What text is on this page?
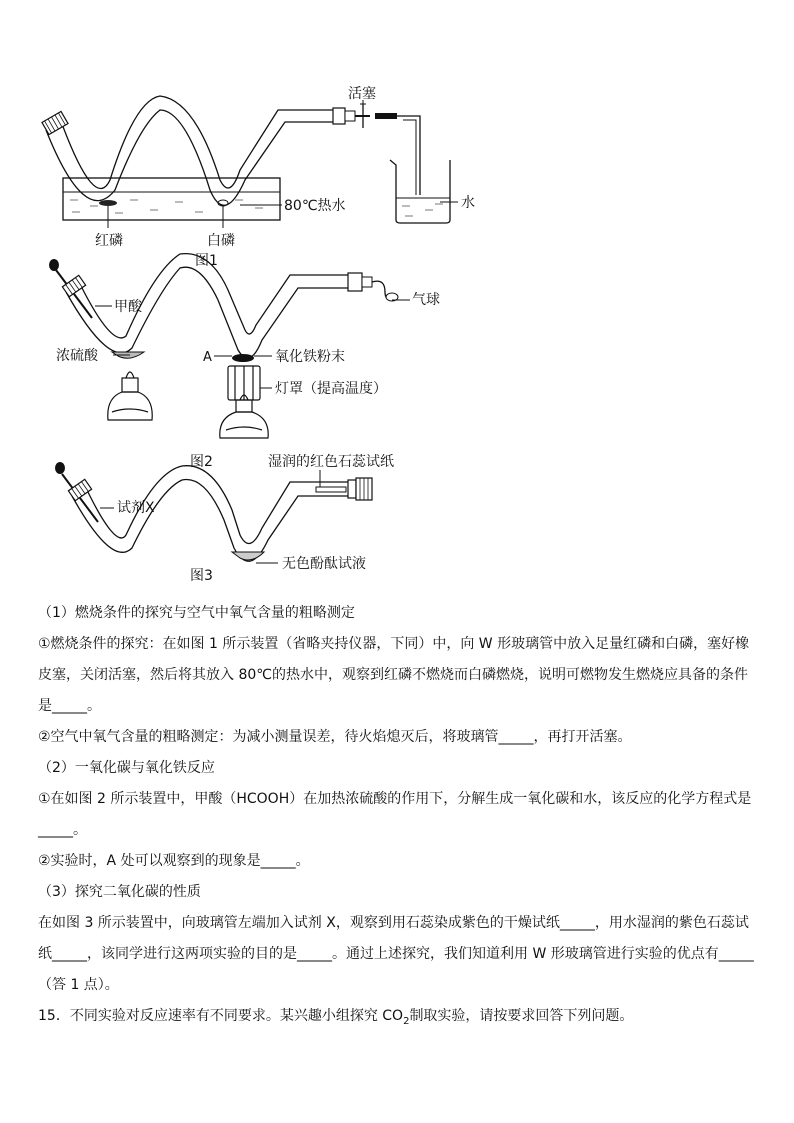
活塞
80℃热水	水
红磷	白磷
图1
甲酸	气球
浓硫酸	A	氧化铁粉末
灯罩（提高温度）
图2	湿润的红色石蕊试纸
试剂X
无色酚酞试液
图3

（1）燃烧条件的探究与空气中氧气含量的粗略测定

①燃烧条件的探究：在如图 1 所示装置（省略夹持仪器，下同）中，向 W 形玻璃管中放入足量红磷和白磷，塞好橡皮塞，关闭活塞，然后将其放入 80℃的热水中，观察到红磷不燃烧而白磷燃烧，说明可燃物发生燃烧应具备的条件是_____。

②空气中氧气含量的粗略测定：为减小测量误差，待火焰熄灭后，将玻璃管_____，再打开活塞。

（2）一氧化碳与氧化铁反应

①在如图 2 所示装置中，甲酸（HCOOH）在加热浓硫酸的作用下，分解生成一氧化碳和水，该反应的化学方程式是_____。

②实验时，A 处可以观察到的现象是_____。

（3）探究二氧化碳的性质

在如图 3 所示装置中，向玻璃管左端加入试剂 X，观察到用石蕊染成紫色的干燥试纸_____，用水湿润的紫色石蕊试纸_____，该同学进行这两项实验的目的是_____。通过上述探究，我们知道利用 W 形玻璃管进行实验的优点有_____（答 1 点）。

15．不同实验对反应速率有不同要求。某兴趣小组探究 $CO_2$制取实验，请按要求回答下列问题。
